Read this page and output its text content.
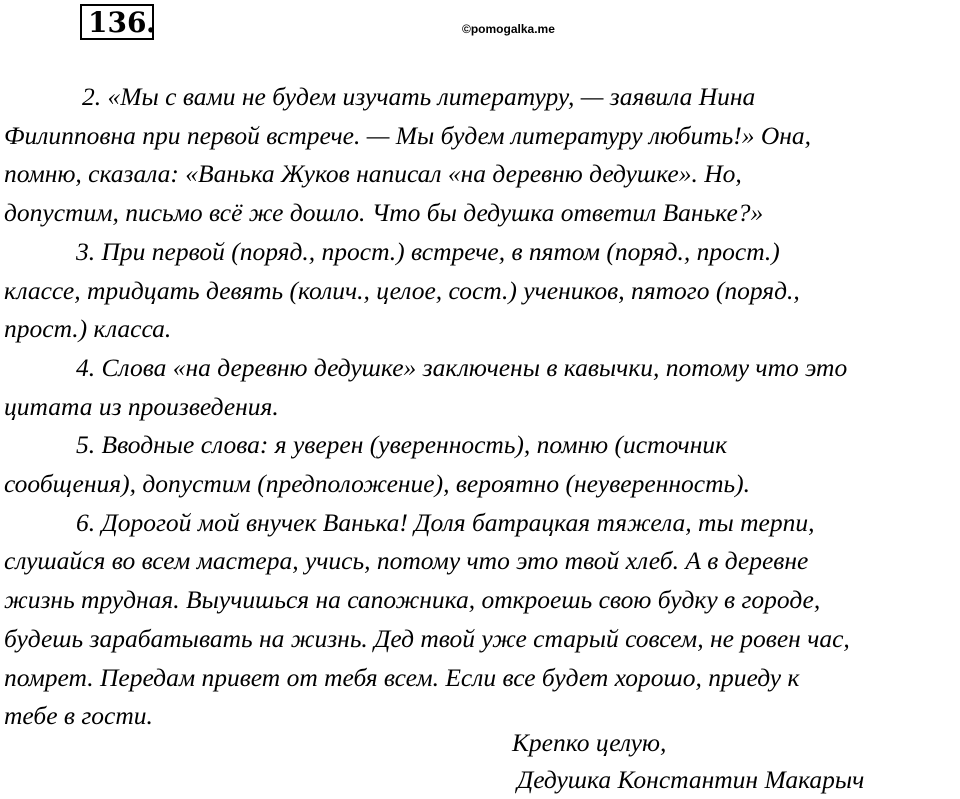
136 .	©pomogalka.me
2. «Мы с вами не будем изучать литературу, — заявила Нина
Филипповна при первой встрече. — Мы будем литературу любить!» Она,
помню, сказала: «Ванька Жуков написал «на деревню дедушке». Но,
допустим, письмо всё же дошло. Что бы дедушка ответил Ваньке?»
3. При первой (поряд., прост.) встрече, в пятом (поряд., прост.)
классе, тридцать девять (колич., целое, сост.) учеников, пятого (поряд.,
прост.) класса.
4. Слова «на деревню дедушке» заключены в кавычки, потому что это
цитата из произведения.
5. Вводные слова: я уверен (уверенность), помню (источник
сообщения), допустим (предположение), вероятно (неуверенность).
6. Дорогой мой внучек Ванька! Доля батрацкая тяжела, ты терпи,
слушайся во всем мастера, учись, потому что это твой хлеб. А в деревне
жизнь трудная. Выучишься на сапожника, откроешь свою будку в городе,
будешь зарабатывать на жизнь. Дед твой уже старый совсем, не ровен час,
помрет. Передам привет от тебя всем. Если все будет хорошо, приеду к
тебе в гости.
Крепко целую,
Дедушка Константин Макарыч
